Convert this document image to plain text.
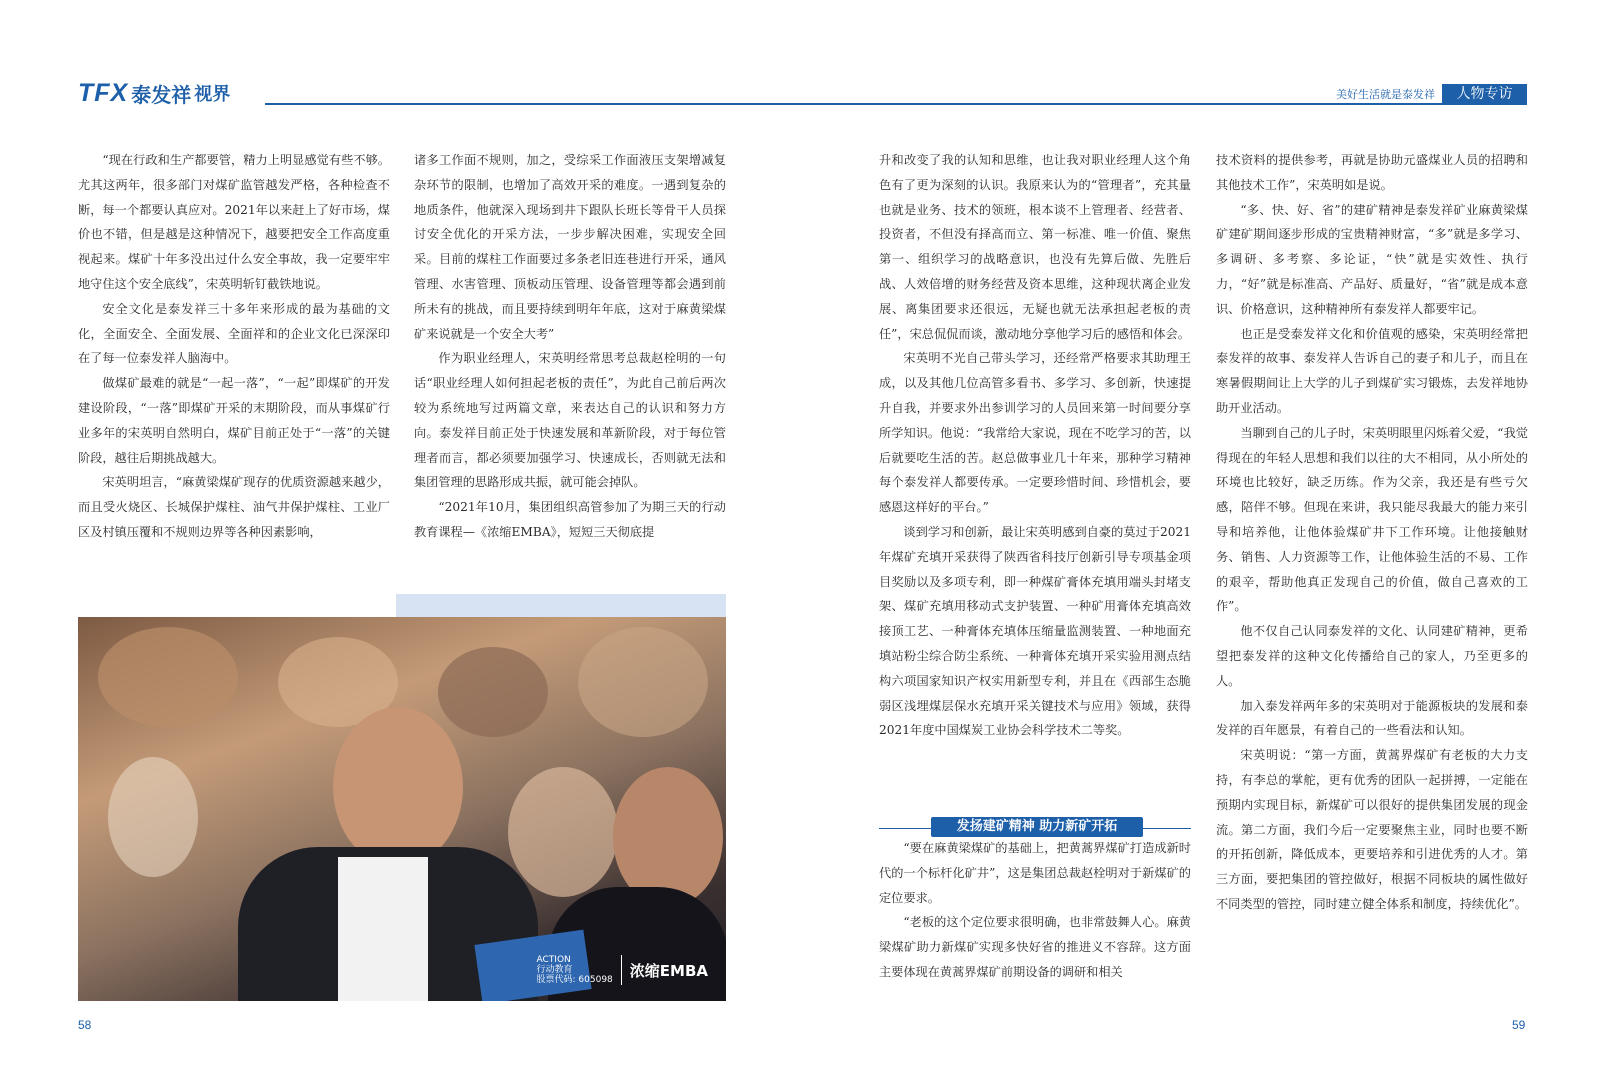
TFX 泰发祥 视界	美好生活就是泰发祥	人物专访

“现在行政和生产都要管，精力上明显感觉有些不够。尤其这两年，很多部门对煤矿监管越发严格，各种检查不断，每一个都要认真应对。2021年以来赶上了好市场，煤价也不错，但是越是这种情况下，越要把安全工作高度重视起来。煤矿十年多没出过什么安全事故，我一定要牢牢地守住这个安全底线”，宋英明斩钉截铁地说。

安全文化是泰发祥三十多年来形成的最为基础的文化，全面安全、全面发展、全面祥和的企业文化已深深印在了每一位泰发祥人脑海中。

做煤矿最难的就是“一起一落”，“一起”即煤矿的开发建设阶段，“一落”即煤矿开采的末期阶段，而从事煤矿行业多年的宋英明自然明白，煤矿目前正处于“一落”的关键阶段，越往后期挑战越大。

宋英明坦言，“麻黄梁煤矿现存的优质资源越来越少，而且受火烧区、长城保护煤柱、油气井保护煤柱、工业厂区及村镇压覆和不规则边界等各种因素影响，

诸多工作面不规则，加之，受综采工作面液压支架增减复杂环节的限制，也增加了高效开采的难度。一遇到复杂的地质条件，他就深入现场到井下跟队长班长等骨干人员探讨安全优化的开采方法，一步步解决困难，实现安全回采。目前的煤柱工作面要过多条老旧连巷进行开采，通风管理、水害管理、顶板动压管理、设备管理等都会遇到前所未有的挑战，而且要持续到明年年底，这对于麻黄梁煤矿来说就是一个安全大考”

作为职业经理人，宋英明经常思考总裁赵栓明的一句话“职业经理人如何担起老板的责任”，为此自己前后两次较为系统地写过两篇文章，来表达自己的认识和努力方向。泰发祥目前正处于快速发展和革新阶段，对于每位管理者而言，都必须要加强学习、快速成长，否则就无法和集团管理的思路形成共振，就可能会掉队。

“2021年10月，集团组织高管参加了为期三天的行动教育课程—《浓缩EMBA》，短短三天彻底提

ACTION
行动教育
股票代码: 605098
浓缩EMBA

升和改变了我的认知和思维，也让我对职业经理人这个角色有了更为深刻的认识。我原来认为的“管理者”，充其量也就是业务、技术的领班，根本谈不上管理者、经营者、投资者，不但没有择高而立、第一标准、唯一价值、聚焦第一、组织学习的战略意识，也没有先算后做、先胜后战、人效倍增的财务经营及资本思维，这种现状离企业发展、离集团要求还很远，无疑也就无法承担起老板的责任”，宋总侃侃而谈，激动地分享他学习后的感悟和体会。

宋英明不光自己带头学习，还经常严格要求其助理王成，以及其他几位高管多看书、多学习、多创新，快速提升自我，并要求外出参训学习的人员回来第一时间要分享所学知识。他说：“我常给大家说，现在不吃学习的苦，以后就要吃生活的苦。赵总做事业几十年来，那种学习精神每个泰发祥人都要传承。一定要珍惜时间、珍惜机会，要感恩这样好的平台。”

谈到学习和创新，最让宋英明感到自豪的莫过于2021年煤矿充填开采获得了陕西省科技厅创新引导专项基金项目奖励以及多项专利，即一种煤矿膏体充填用端头封堵支架、煤矿充填用移动式支护装置、一种矿用膏体充填高效接顶工艺、一种膏体充填体压缩量监测装置、一种地面充填站粉尘综合防尘系统、一种膏体充填开采实验用测点结构六项国家知识产权实用新型专利，并且在《西部生态脆弱区浅埋煤层保水充填开采关键技术与应用》领域，获得2021年度中国煤炭工业协会科学技术二等奖。

发扬建矿精神 助力新矿开拓

“要在麻黄梁煤矿的基础上，把黄蒿界煤矿打造成新时代的一个标杆化矿井”，这是集团总裁赵栓明对于新煤矿的定位要求。

“老板的这个定位要求很明确，也非常鼓舞人心。麻黄梁煤矿助力新煤矿实现多快好省的推进义不容辞。这方面主要体现在黄蒿界煤矿前期设备的调研和相关

技术资料的提供参考，再就是协助元盛煤业人员的招聘和其他技术工作”，宋英明如是说。

“多、快、好、省”的建矿精神是泰发祥矿业麻黄梁煤矿建矿期间逐步形成的宝贵精神财富，“多”就是多学习、多调研、多考察、多论证，“快”就是实效性、执行力，“好”就是标准高、产品好、质量好，“省”就是成本意识、价格意识，这种精神所有泰发祥人都要牢记。

也正是受泰发祥文化和价值观的感染，宋英明经常把泰发祥的故事、泰发祥人告诉自己的妻子和儿子，而且在寒暑假期间让上大学的儿子到煤矿实习锻炼，去发祥地协助开业活动。

当聊到自己的儿子时，宋英明眼里闪烁着父爱，“我觉得现在的年轻人思想和我们以往的大不相同，从小所处的环境也比较好，缺乏历练。作为父亲，我还是有些亏欠感，陪伴不够。但现在来讲，我只能尽我最大的能力来引导和培养他，让他体验煤矿井下工作环境。让他接触财务、销售、人力资源等工作，让他体验生活的不易、工作的艰辛，帮助他真正发现自己的价值，做自己喜欢的工作”。

他不仅自己认同泰发祥的文化、认同建矿精神，更希望把泰发祥的这种文化传播给自己的家人，乃至更多的人。

加入泰发祥两年多的宋英明对于能源板块的发展和泰发祥的百年愿景，有着自己的一些看法和认知。

宋英明说：“第一方面，黄蒿界煤矿有老板的大力支持，有李总的掌舵，更有优秀的团队一起拼搏，一定能在预期内实现目标，新煤矿可以很好的提供集团发展的现金流。第二方面，我们今后一定要聚焦主业，同时也要不断的开拓创新，降低成本，更要培养和引进优秀的人才。第三方面，要把集团的管控做好，根据不同板块的属性做好不同类型的管控，同时建立健全体系和制度，持续优化”。

58	59
